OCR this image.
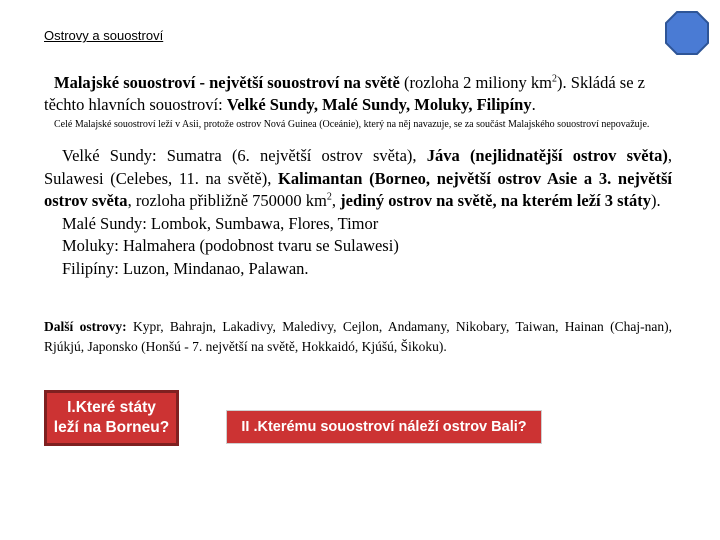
Ostrovy a souostroví

Malajské souostroví - největší souostroví na světě (rozloha 2 miliony $km^2$). Skládá se z těchto hlavních souostroví: Velké Sundy, Malé Sundy, Moluky, Filipíny.

Celé Malajské souostroví leží v Asii, protože ostrov Nová Guinea (Oceánie), který na něj navazuje, se za součást Malajského souostroví nepovažuje.

Velké Sundy: Sumatra (6. největší ostrov světa), Jáva (nejlidnatější ostrov světa), Sulawesi (Celebes, 11. na světě), Kalimantan (Borneo, největší ostrov Asie a 3. největší ostrov světa, rozloha přibližně 750000 $km^2$, jediný ostrov na světě, na kterém leží 3 státy).
Malé Sundy: Lombok, Sumbawa, Flores, Timor
Moluky: Halmahera (podobnost tvaru se Sulawesi)
Filipíny: Luzon, Mindanao, Palawan.

Další ostrovy: Kypr, Bahrajn, Lakadivy, Maledivy, Cejlon, Andamany, Nikobary, Taiwan, Hainan (Chaj-nan), Rjúkjú, Japonsko (Honšú - 7. největší na světě, Hokkaidó, Kjúšú, Šikoku).

I.Které státy leží na Borneu?	II .Kterému souostroví náleží ostrov Bali?
